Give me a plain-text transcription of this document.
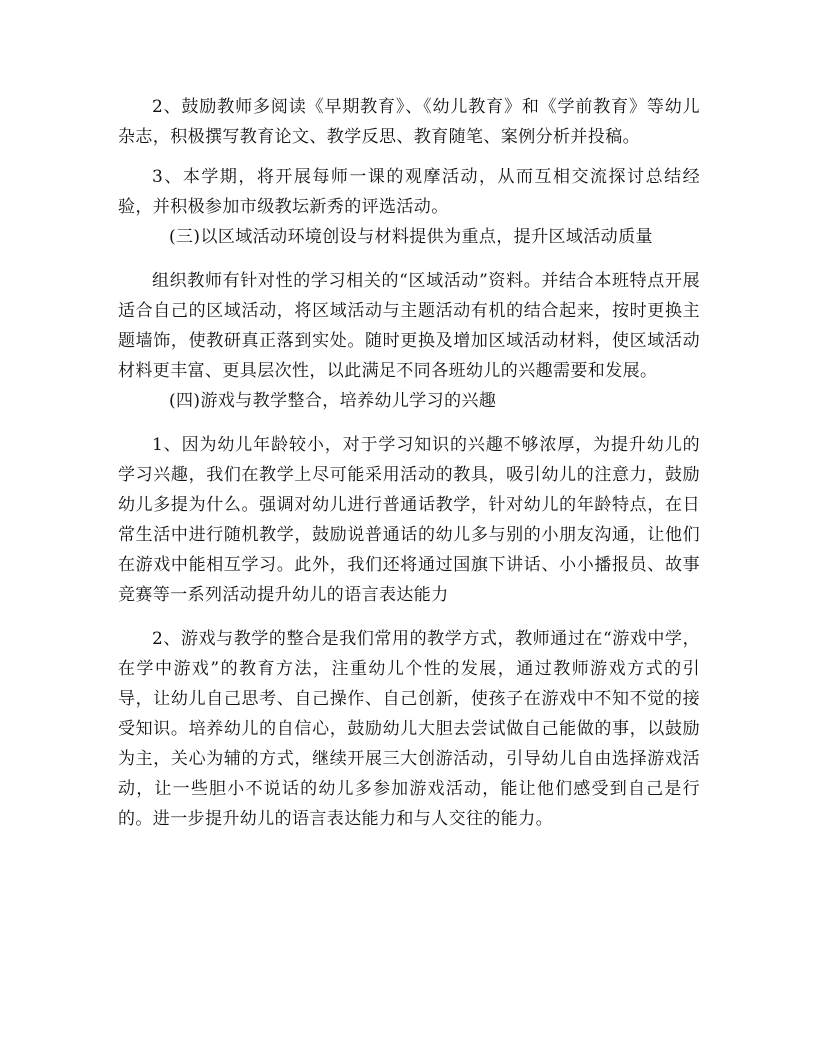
2、鼓励教师多阅读《早期教育》、《幼儿教育》和《学前教育》等幼儿杂志，积极撰写教育论文、教学反思、教育随笔、案例分析并投稿。

3、本学期，将开展每师一课的观摩活动，从而互相交流探讨总结经验，并积极参加市级教坛新秀的评选活动。

(三)以区域活动环境创设与材料提供为重点，提升区域活动质量

组织教师有针对性的学习相关的“区域活动”资料。并结合本班特点开展适合自己的区域活动，将区域活动与主题活动有机的结合起来，按时更换主题墙饰，使教研真正落到实处。随时更换及增加区域活动材料，使区域活动材料更丰富、更具层次性，以此满足不同各班幼儿的兴趣需要和发展。

(四)游戏与教学整合，培养幼儿学习的兴趣

1、因为幼儿年龄较小，对于学习知识的兴趣不够浓厚，为提升幼儿的学习兴趣，我们在教学上尽可能采用活动的教具，吸引幼儿的注意力，鼓励幼儿多提为什么。强调对幼儿进行普通话教学，针对幼儿的年龄特点，在日常生活中进行随机教学，鼓励说普通话的幼儿多与别的小朋友沟通，让他们在游戏中能相互学习。此外，我们还将通过国旗下讲话、小小播报员、故事竞赛等一系列活动提升幼儿的语言表达能力

2、游戏与教学的整合是我们常用的教学方式，教师通过在“游戏中学，在学中游戏”的教育方法，注重幼儿个性的发展，通过教师游戏方式的引导，让幼儿自己思考、自己操作、自己创新，使孩子在游戏中不知不觉的接受知识。培养幼儿的自信心，鼓励幼儿大胆去尝试做自己能做的事，以鼓励为主，关心为辅的方式，继续开展三大创游活动，引导幼儿自由选择游戏活动，让一些胆小不说话的幼儿多参加游戏活动，能让他们感受到自己是行的。进一步提升幼儿的语言表达能力和与人交往的能力。
